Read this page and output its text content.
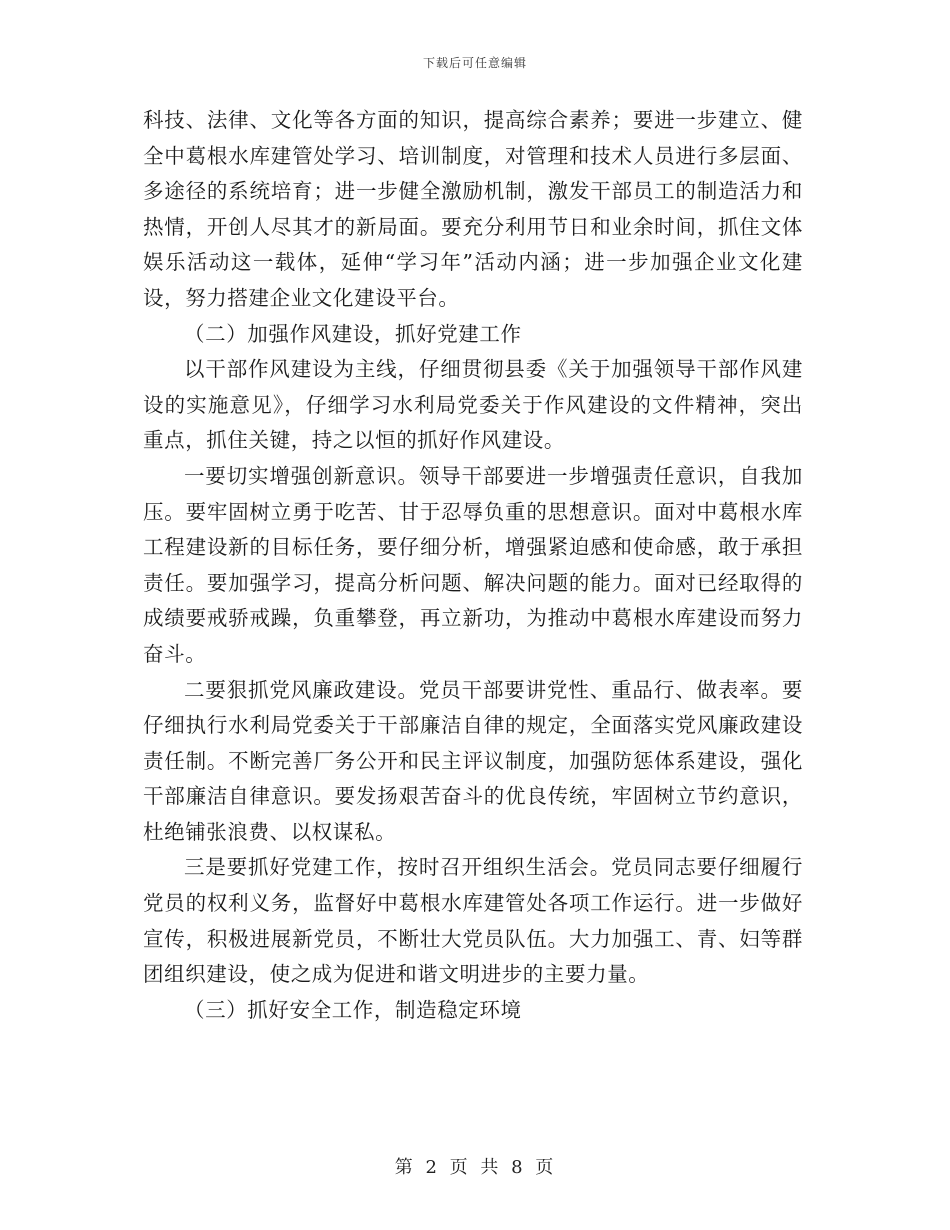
下载后可任意编辑

科技、法律、文化等各方面的知识，提高综合素养；要进一步建立、健全中葛根水库建管处学习、培训制度，对管理和技术人员进行多层面、多途径的系统培育；进一步健全激励机制，激发干部员工的制造活力和热情，开创人尽其才的新局面。要充分利用节日和业余时间，抓住文体娱乐活动这一载体，延伸“学习年”活动内涵；进一步加强企业文化建设，努力搭建企业文化建设平台。

（二）加强作风建设，抓好党建工作

以干部作风建设为主线，仔细贯彻县委《关于加强领导干部作风建设的实施意见》，仔细学习水利局党委关于作风建设的文件精神，突出重点，抓住关键，持之以恒的抓好作风建设。

一要切实增强创新意识。领导干部要进一步增强责任意识，自我加压。要牢固树立勇于吃苦、甘于忍辱负重的思想意识。面对中葛根水库工程建设新的目标任务，要仔细分析，增强紧迫感和使命感，敢于承担责任。要加强学习，提高分析问题、解决问题的能力。面对已经取得的成绩要戒骄戒躁，负重攀登，再立新功，为推动中葛根水库建设而努力奋斗。

二要狠抓党风廉政建设。党员干部要讲党性、重品行、做表率。要仔细执行水利局党委关于干部廉洁自律的规定，全面落实党风廉政建设责任制。不断完善厂务公开和民主评议制度，加强防惩体系建设，强化干部廉洁自律意识。要发扬艰苦奋斗的优良传统，牢固树立节约意识，杜绝铺张浪费、以权谋私。

三是要抓好党建工作，按时召开组织生活会。党员同志要仔细履行党员的权利义务，监督好中葛根水库建管处各项工作运行。进一步做好宣传，积极进展新党员，不断壮大党员队伍。大力加强工、青、妇等群团组织建设，使之成为促进和谐文明进步的主要力量。

（三）抓好安全工作，制造稳定环境

第 2 页 共 8 页
